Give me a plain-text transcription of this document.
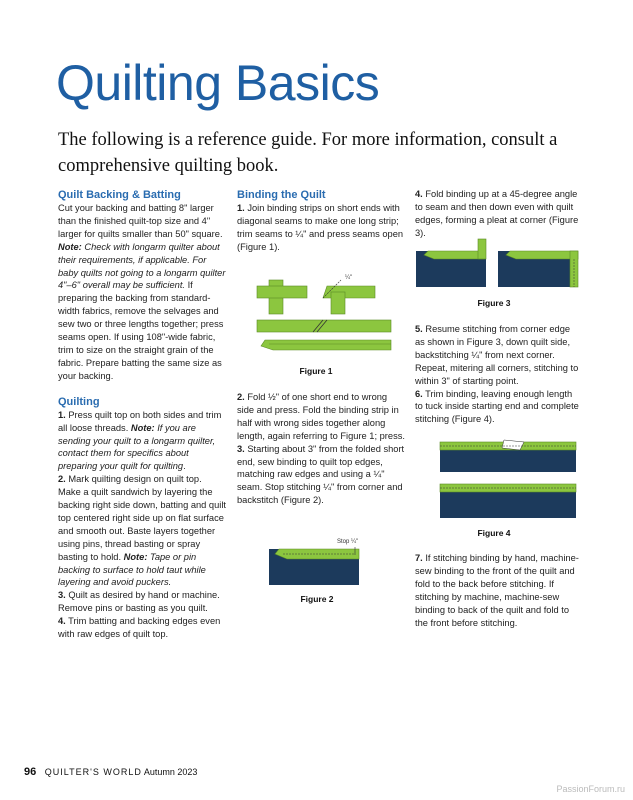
Quilting Basics
The following is a reference guide. For more information, consult a comprehensive quilting book.

Quilt Backing & Batting

Cut your backing and batting 8" larger than the finished quilt-top size and 4" larger for quilts smaller than 50" square. Note: Check with longarm quilter about their requirements, if applicable. For baby quilts not going to a longarm quilter 4"–6" overall may be sufficient. If preparing the backing from standard-width fabrics, remove the selvages and sew two or three lengths together; press seams open. If using 108"-wide fabric, trim to size on the straight grain of the fabric. Prepare batting the same size as your backing.

Quilting

1. Press quilt top on both sides and trim all loose threads. Note: If you are sending your quilt to a longarm quilter, contact them for specifics about preparing your quilt for quilting.

2. Mark quilting design on quilt top. Make a quilt sandwich by layering the backing right side down, batting and quilt top centered right side up on flat surface and smooth out. Baste layers together using pins, thread basting or spray basting to hold. Note: Tape or pin backing to surface to hold taut while layering and avoid puckers.

3. Quilt as desired by hand or machine. Remove pins or basting as you quilt.

4. Trim batting and backing edges even with raw edges of quilt top.

Binding the Quilt

1. Join binding strips on short ends with diagonal seams to make one long strip; trim seams to ¼" and press seams open (Figure 1).

¼"
Figure 1

2. Fold ½" of one short end to wrong side and press. Fold the binding strip in half with wrong sides together along length, again referring to Figure 1; press.

3. Starting about 3" from the folded short end, sew binding to quilt top edges, matching raw edges and using a ¼" seam. Stop stitching ¼" from corner and backstitch (Figure 2).

Stop ¼"
Figure 2

4. Fold binding up at a 45-degree angle to seam and then down even with quilt edges, forming a pleat at corner (Figure 3).

Figure 3

5. Resume stitching from corner edge as shown in Figure 3, down quilt side, backstitching ¼" from next corner. Repeat, mitering all corners, stitching to within 3" of starting point.

6. Trim binding, leaving enough length to tuck inside starting end and complete stitching (Figure 4).

Figure 4

7. If stitching binding by hand, machine-sew binding to the front of the quilt and fold to the back before stitching. If stitching by machine, machine-sew binding to back of the quilt and fold to the front before stitching.

96 QUILTER'S WORLD Autumn 2023
PassionForum.ru
